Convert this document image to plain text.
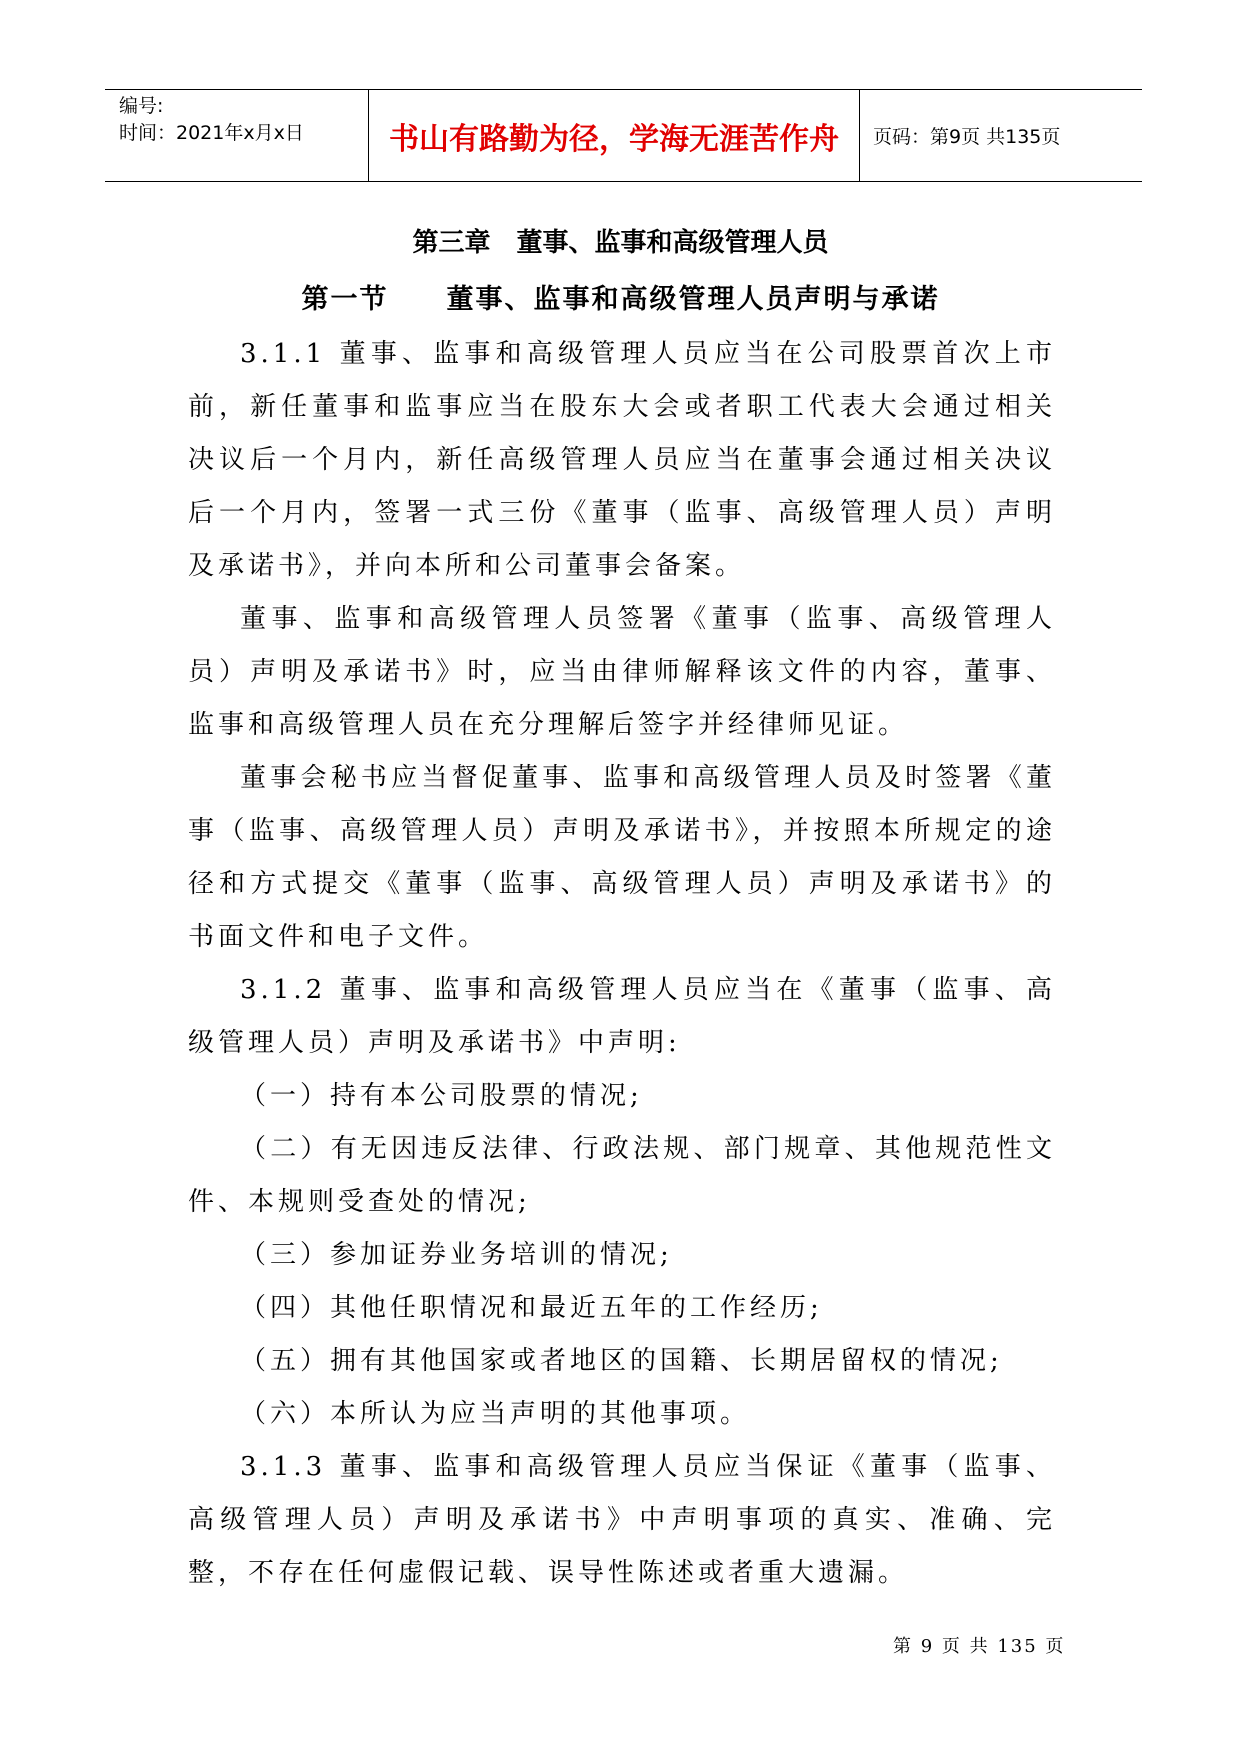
编号:
时间：2021年x月x日	书山有路勤为径，学海无涯苦作舟	页码：第9页 共135页
第三章　董事、监事和高级管理人员
第一节　　董事、监事和高级管理人员声明与承诺

3.1.1 董事、监事和高级管理人员应当在公司股票首次上市前，新任董事和监事应当在股东大会或者职工代表大会通过相关决议后一个月内，新任高级管理人员应当在董事会通过相关决议后一个月内，签署一式三份《董事（监事、高级管理人员）声明及承诺书》，并向本所和公司董事会备案。

董事、监事和高级管理人员签署《董事（监事、高级管理人员）声明及承诺书》时，应当由律师解释该文件的内容，董事、监事和高级管理人员在充分理解后签字并经律师见证。

董事会秘书应当督促董事、监事和高级管理人员及时签署《董事（监事、高级管理人员）声明及承诺书》，并按照本所规定的途径和方式提交《董事（监事、高级管理人员）声明及承诺书》的书面文件和电子文件。

3.1.2 董事、监事和高级管理人员应当在《董事（监事、高级管理人员）声明及承诺书》中声明:

（一）持有本公司股票的情况;

（二）有无因违反法律、行政法规、部门规章、其他规范性文件、本规则受查处的情况;

（三）参加证券业务培训的情况;

（四）其他任职情况和最近五年的工作经历;

（五）拥有其他国家或者地区的国籍、长期居留权的情况;

（六）本所认为应当声明的其他事项。

3.1.3 董事、监事和高级管理人员应当保证《董事（监事、高级管理人员）声明及承诺书》中声明事项的真实、准确、完整，不存在任何虚假记载、误导性陈述或者重大遗漏。

第 9 页 共 135 页
